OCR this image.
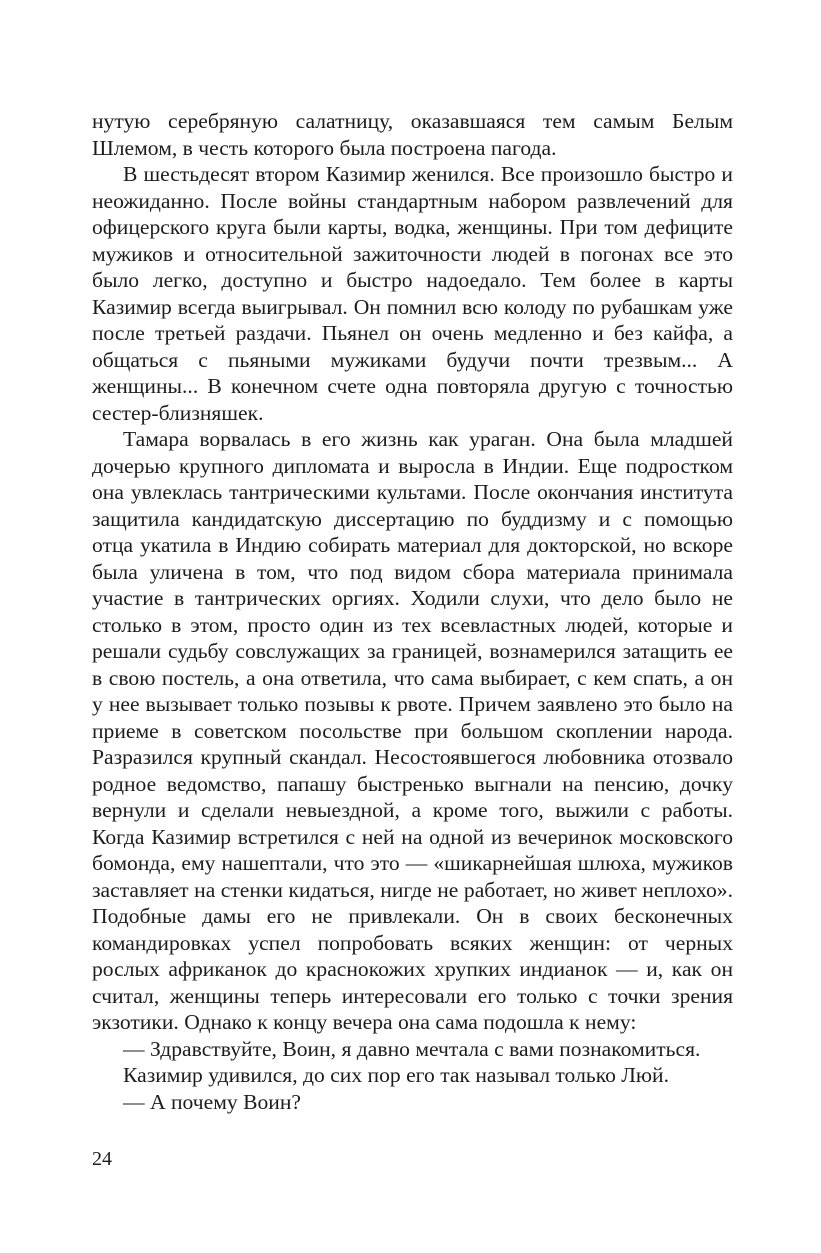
нутую серебряную салатницу, оказавшаяся тем самым Белым Шлемом, в честь которого была построена пагода.

В шестьдесят втором Казимир женился. Все произошло быстро и неожиданно. После войны стандартным набором развлечений для офицерского круга были карты, водка, женщины. При том дефиците мужиков и относительной зажиточности людей в погонах все это было легко, доступно и быстро надоедало. Тем более в карты Казимир всегда выигрывал. Он помнил всю колоду по рубашкам уже после третьей раздачи. Пьянел он очень медленно и без кайфа, а общаться с пьяными мужиками будучи почти трезвым... А женщины... В конечном счете одна повторяла другую с точностью сестер-близняшек.

Тамара ворвалась в его жизнь как ураган. Она была младшей дочерью крупного дипломата и выросла в Индии. Еще подростком она увлеклась тантрическими культами. После окончания института защитила кандидатскую диссертацию по буддизму и с помощью отца укатила в Индию собирать материал для докторской, но вскоре была уличена в том, что под видом сбора материала принимала участие в тантрических оргиях. Ходили слухи, что дело было не столько в этом, просто один из тех всевластных людей, которые и решали судьбу совслужащих за границей, вознамерился затащить ее в свою постель, а она ответила, что сама выбирает, с кем спать, а он у нее вызывает только позывы к рвоте. Причем заявлено это было на приеме в советском посольстве при большом скоплении народа. Разразился крупный скандал. Несостоявшегося любовника отозвало родное ведомство, папашу быстренько выгнали на пенсию, дочку вернули и сделали невыездной, а кроме того, выжили с работы. Когда Казимир встретился с ней на одной из вечеринок московского бомонда, ему нашептали, что это — «шикарнейшая шлюха, мужиков заставляет на стенки кидаться, нигде не работает, но живет неплохо». Подобные дамы его не привлекали. Он в своих бесконечных командировках успел попробовать всяких женщин: от черных рослых африканок до краснокожих хрупких индианок — и, как он считал, женщины теперь интересовали его только с точки зрения экзотики. Однако к концу вечера она сама подошла к нему:

— Здравствуйте, Воин, я давно мечтала с вами познакомиться.

Казимир удивился, до сих пор его так называл только Люй.

— А почему Воин?

24
